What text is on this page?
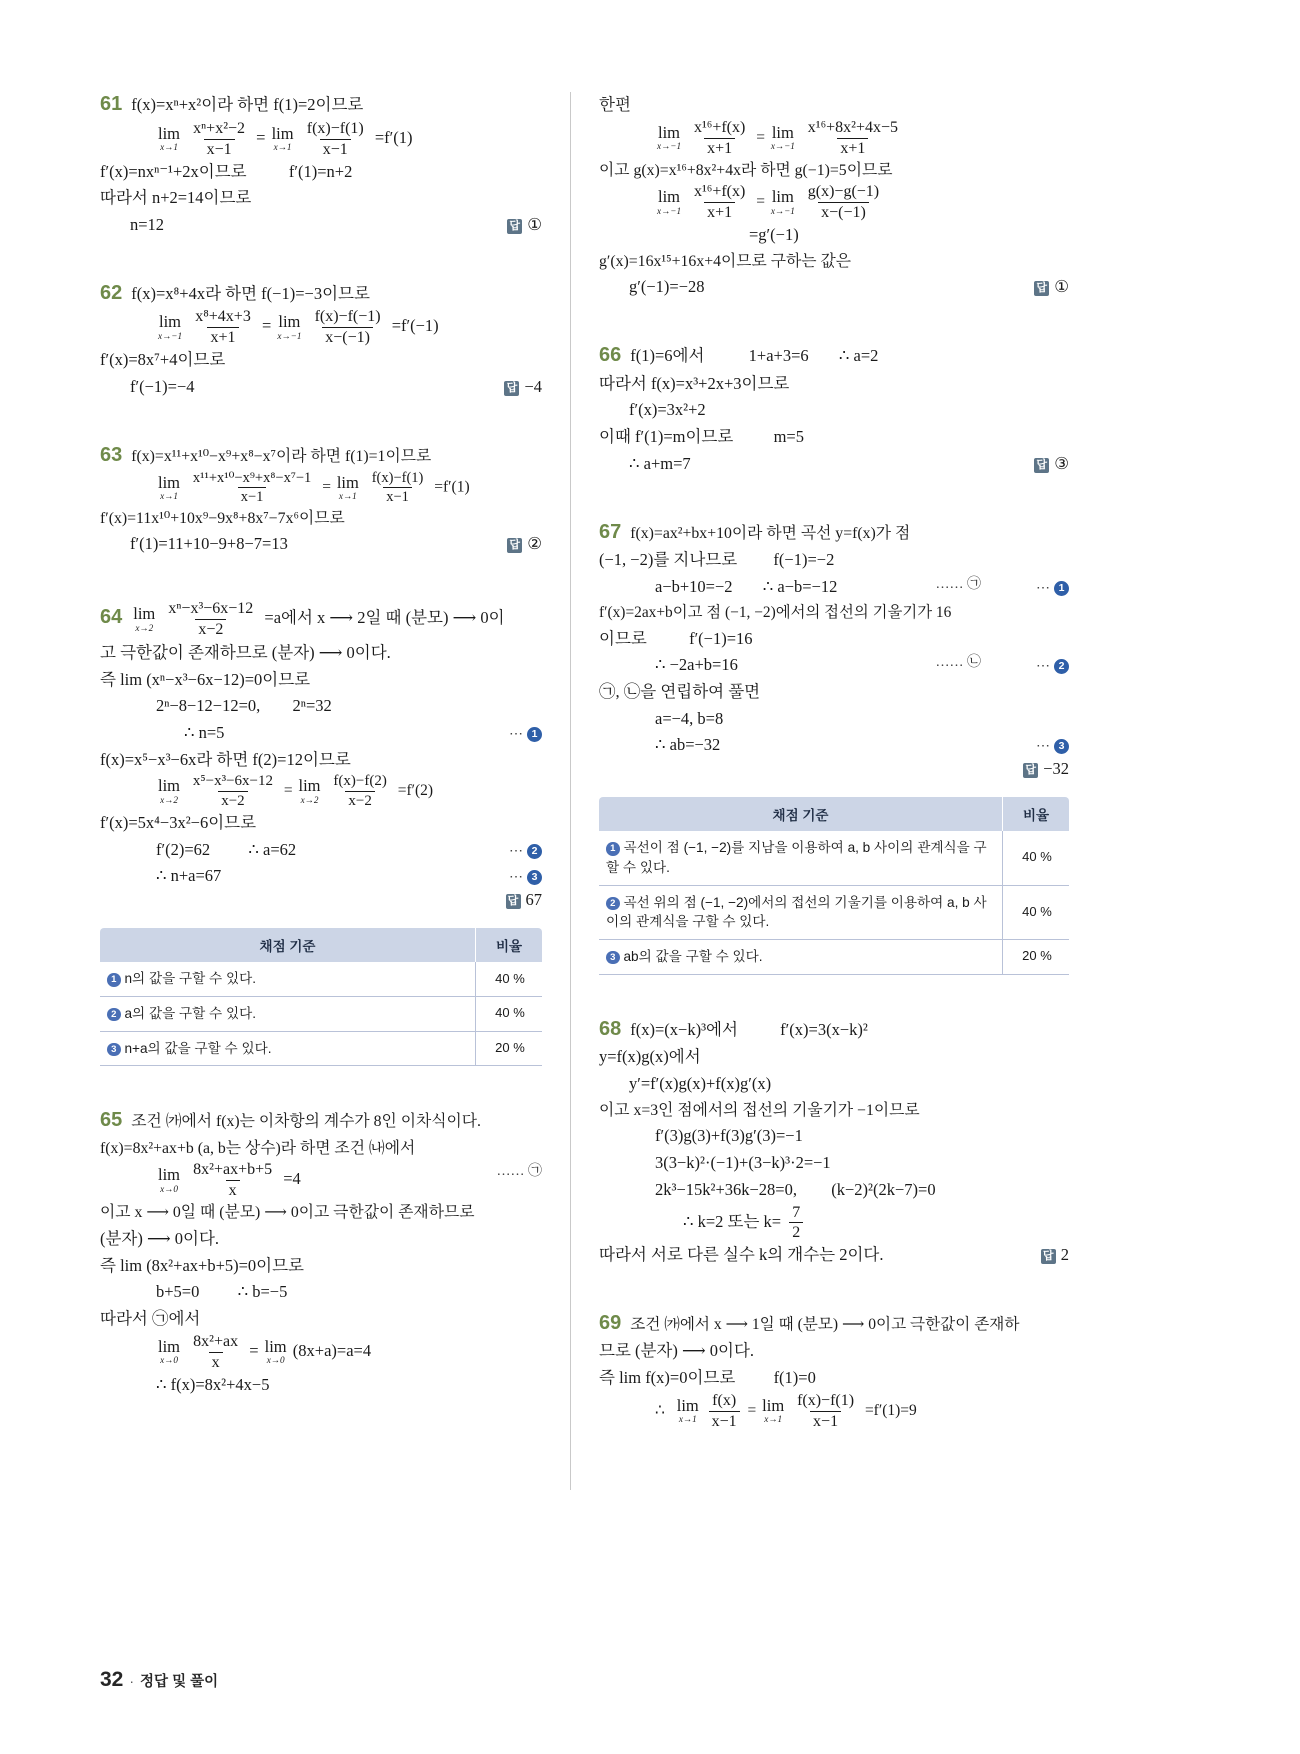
61 f(x)=xⁿ+x²이라 하면 f(1)=2이므로
lim
x→1
$\frac{\text{xⁿ+x²−2}}{x-1} = \lim$
x→1
$\frac{f(x)-f(1)}{x-1} =f'(1)$
f′(x)=nxⁿ⁻¹+2x이므로	f′(1)=n+2
따라서 n+2=14이므로
n=12	답 ①
62 f(x)=x⁸+4x라 하면 f(−1)=−3이므로
lim
x→−1
$\frac{\text{x⁸+4x+3}}{x+1} = \lim$
x→−1
$\frac{f(x)-f(-1)}{x-(-1)} =f'(-1)$
f′(x)=8x⁷+4이므로
f′(−1)=−4	답 −4
63 f(x)=x¹¹+x¹⁰−x⁹+x⁸−x⁷이라 하면 f(1)=1이므로
lim
x→1
$\frac{\text{x¹¹+x¹⁰−x⁹+x⁸−x⁷−1}}{x-1} = \lim$
x→1
$\frac{f(x)-f(1)}{x-1} =f'(1)$
f′(x)=11x¹⁰+10x⁹−9x⁸+8x⁷−7x⁶이므로
f′(1)=11+10−9+8−7=13	답 ②
64 lim
x→2
$\frac{\text{xⁿ−x³−6x−12}}{x-2} =a$에서 x ⟶ 2일 때 (분모) ⟶ 0이
고 극한값이 존재하므로 (분자) ⟶ 0이다.
즉 lim (xⁿ−x³−6x−12)=0이므로
2ⁿ−8−12−12=0, 2ⁿ=32
∴ n=5	⋯ 1
f(x)=x⁵−x³−6x라 하면 f(2)=12이므로
lim
x→2
$\frac{\text{x⁵−x³−6x−12}}{x-2} = \lim$
x→2
$\frac{f(x)-f(2)}{x-2} =f'(2)$
f′(x)=5x⁴−3x²−6이므로
f′(2)=62 ∴ a=62	⋯ 2
∴ n+a=67	⋯ 3
답 67
채점 기준	비율
1 n의 값을 구할 수 있다.	40 %
2 a의 값을 구할 수 있다.	40 %
3 n+a의 값을 구할 수 있다.	20 %
65 조건 ㈎에서 f(x)는 이차항의 계수가 8인 이차식이다.
f(x)=8x²+ax+b (a, b는 상수)라 하면 조건 ㈏에서
lim
x→0
$\frac{\text{8x²+ax+b+5}}{x} =4$	…… ㉠
이고 x ⟶ 0일 때 (분모) ⟶ 0이고 극한값이 존재하므로
(분자) ⟶ 0이다.
즉 lim (8x²+ax+b+5)=0이므로
b+5=0 ∴ b=−5
따라서 ㉠에서
lim
x→0
$\frac{\text{8x²+ax}}{x} = \lim$
x→0
(8x+a)=a=4
∴ f(x)=8x²+4x−5
한편
lim
x→−1
$\frac{\text{x¹⁶+f(x)}}{x+1} = \lim$
x→−1
$\frac{\text{x¹⁶+8x²+4x−5}}{x+1}$
이고 g(x)=x¹⁶+8x²+4x라 하면 g(−1)=5이므로
lim
x→−1
$\frac{\text{x¹⁶+f(x)}}{x+1} = \lim$
x→−1
$\frac{g(x)-g(-1)}{x-(-1)}$
=g′(−1)
g′(x)=16x¹⁵+16x+4이므로 구하는 값은
g′(−1)=−28	답 ①
66 f(1)=6에서	1+a+3=6 ∴ a=2
따라서 f(x)=x³+2x+3이므로
f′(x)=3x²+2
이때 f′(1)=m이므로 m=5
∴ a+m=7	답 ③
67 f(x)=ax²+bx+10이라 하면 곡선 y=f(x)가 점
(−1, −2)를 지나므로 f(−1)=−2
a−b+10=−2 ∴ a−b=−12	…… ㉠	⋯ 1
f′(x)=2ax+b이고 점 (−1, −2)에서의 접선의 기울기가 16
이므로	f′(−1)=16
∴ −2a+b=16	…… ㉡	⋯ 2
㉠, ㉡을 연립하여 풀면
a=−4, b=8
∴ ab=−32	⋯ 3
답 −32
채점 기준	비율
1 곡선이 점 (−1, −2)를 지남을 이용하여 a, b 사이의 관계식을 구할 수 있다.	40 %
2 곡선 위의 점 (−1, −2)에서의 접선의 기울기를 이용하여 a, b 사이의 관계식을 구할 수 있다.	40 %
3 ab의 값을 구할 수 있다.	20 %
68 f(x)=(x−k)³에서	f′(x)=3(x−k)²
y=f(x)g(x)에서
y′=f′(x)g(x)+f(x)g′(x)
이고 x=3인 점에서의 접선의 기울기가 −1이므로
f′(3)g(3)+f(3)g′(3)=−1
3(3−k)²·(−1)+(3−k)³·2=−1
2k³−15k²+36k−28=0, (k−2)²(2k−7)=0
∴ k=2 또는 $k= \frac{7}{2}$
따라서 서로 다른 실수 k의 개수는 2이다.	답 2
69 조건 ㈎에서 x ⟶ 1일 때 (분모) ⟶ 0이고 극한값이 존재하
므로 (분자) ⟶ 0이다.
즉 lim f(x)=0이므로 f(1)=0
∴ lim
x→1
$\frac{f(x)}{x-1} = \lim$
x→1
$\frac{f(x)-f(1)}{x-1} =f'(1)=9$
32 · 정답 및 풀이
